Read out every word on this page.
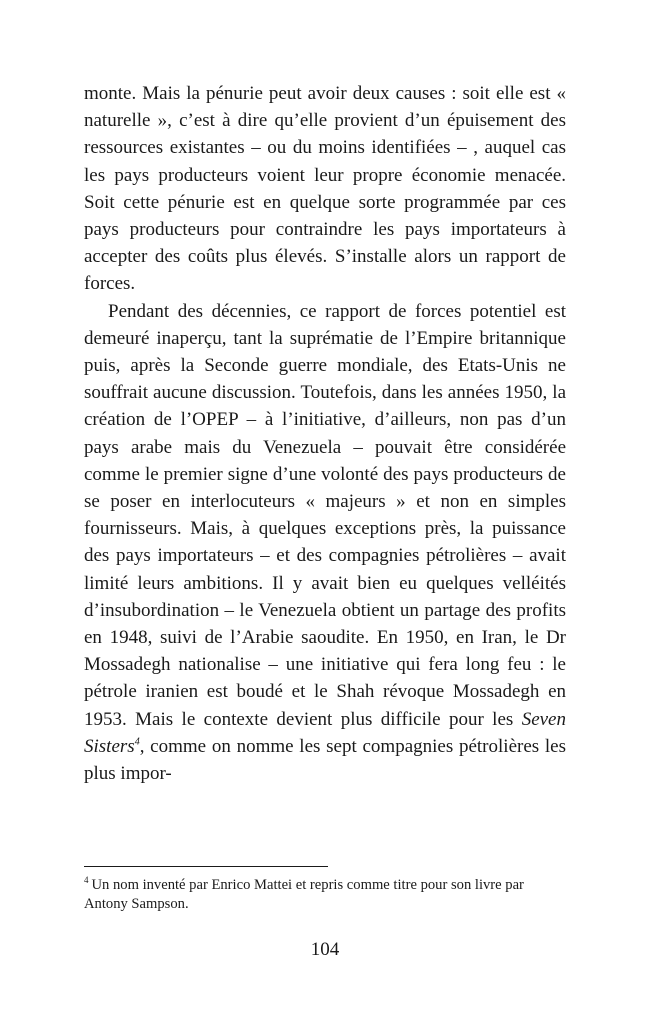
monte. Mais la pénurie peut avoir deux causes : soit elle est « naturelle », c’est à dire qu’elle provient d’un épuisement des ressources existantes – ou du moins identifiées – , auquel cas les pays producteurs voient leur propre économie menacée. Soit cette pénurie est en quelque sorte programmée par ces pays producteurs pour contraindre les pays importateurs à accepter des coûts plus élevés. S’installe alors un rapport de forces.

Pendant des décennies, ce rapport de forces potentiel est demeuré inaperçu, tant la suprématie de l’Empire britannique puis, après la Seconde guerre mondiale, des Etats-Unis ne souffrait aucune discussion. Toutefois, dans les années 1950, la création de l’OPEP – à l’initiative, d’ailleurs, non pas d’un pays arabe mais du Venezuela – pouvait être considérée comme le premier signe d’une volonté des pays producteurs de se poser en interlocuteurs « majeurs » et non en simples fournisseurs. Mais, à quelques exceptions près, la puissance des pays importateurs – et des compagnies pétrolières – avait limité leurs ambitions. Il y avait bien eu quelques velléités d’insubordination – le Venezuela obtient un partage des profits en 1948, suivi de l’Arabie saoudite. En 1950, en Iran, le Dr Mossadegh nationalise – une initiative qui fera long feu : le pétrole iranien est boudé et le Shah révoque Mossadegh en 1953. Mais le contexte devient plus difficile pour les Seven Sisters$^4$, comme on nomme les sept compagnies pétrolières les plus impor-

$^4$ Un nom inventé par Enrico Mattei et repris comme titre pour son livre par Antony Sampson.

104
